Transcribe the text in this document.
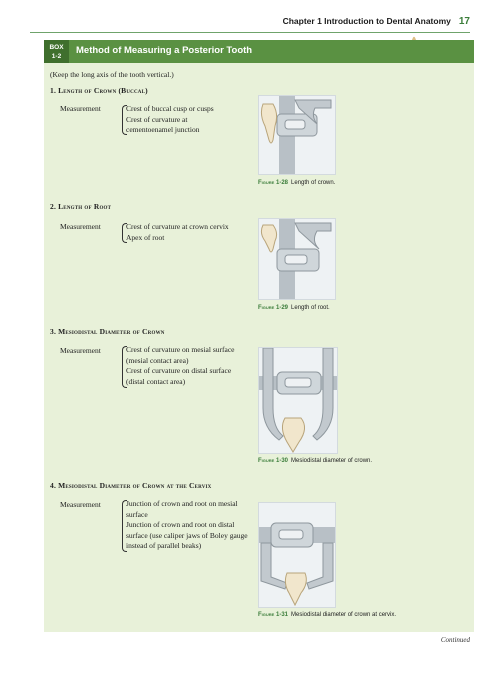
Chapter 1 Introduction to Dental Anatomy 17
BOX
1-2
Method of Measuring a Posterior Tooth
(Keep the long axis of the tooth vertical.)
1. Length of Crown (Buccal)
Measurement	Crest of buccal cusp or cusps
Crest of curvature at
cementoenamel junction
Figure 1-28 Length of crown.
2. Length of Root
Measurement	Crest of curvature at crown cervix
Apex of root
Figure 1-29 Length of root.
3. Mesiodistal Diameter of Crown
Measurement	Crest of curvature on mesial surface
(mesial contact area)
Crest of curvature on distal surface
(distal contact area)
Figure 1-30 Mesiodistal diameter of crown.
4. Mesiodistal Diameter of Crown at the Cervix
Measurement	Junction of crown and root on mesial
surface
Junction of crown and root on distal
surface (use caliper jaws of Boley gauge
instead of parallel beaks)
Figure 1-31 Mesiodistal diameter of crown at cervix.
Continued
